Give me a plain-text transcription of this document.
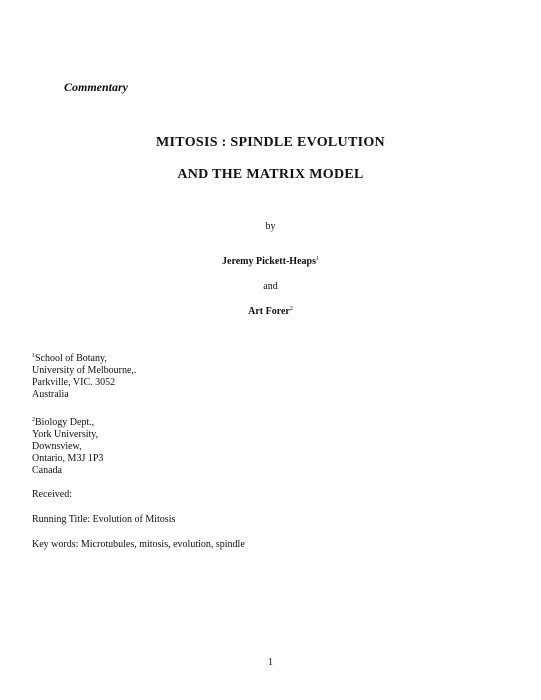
Commentary
MITOSIS : SPINDLE EVOLUTION
AND THE MATRIX MODEL
by
Jeremy Pickett-Heaps$^1$
and
Art Forer$^2$
$^1$School of Botany,
University of Melbourne,.
Parkville, VIC. 3052
Australia
$^2$Biology Dept.,
York University,
Downsview,
Ontario, M3J 1P3
Canada
Received:
Running Title: Evolution of Mitosis
Key words: Microtubules, mitosis, evolution, spindle
1
